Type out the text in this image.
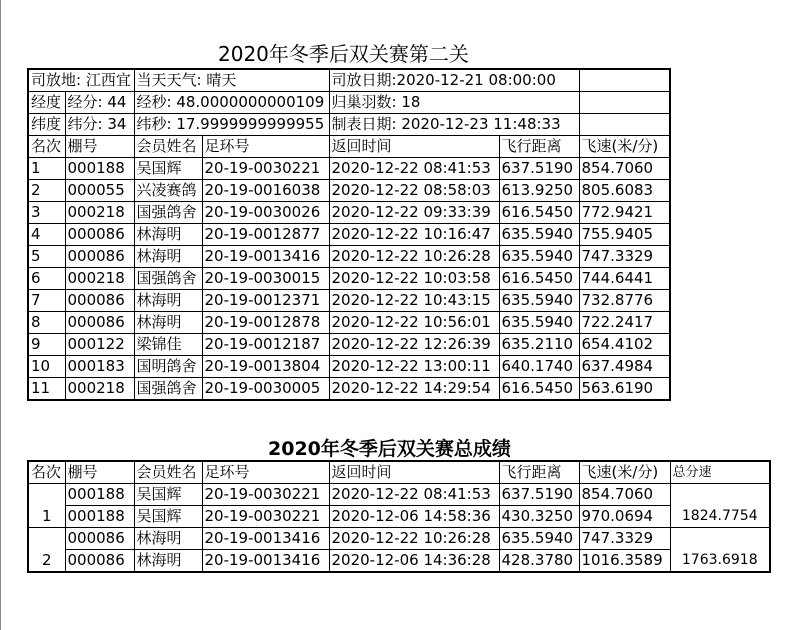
2020年冬季后双关赛第二关
司放地: 江西宜		当天天气: 晴天		司放日期:2020-12-21 08:00:00		
经度	经分: 44	经秒: 48.0000000000109		归巢羽数: 18		
纬度	纬分: 34	纬秒: 17.9999999999955		制表日期: 2020-12-23 11:48:33		
名次	棚号	会员姓名	足环号	返回时间	飞行距离	飞速(米/分)
1	000188	吴国辉	20-19-0030221	2020-12-22 08:41:53	637.5190	854.7060
2	000055	兴凌赛鸽	20-19-0016038	2020-12-22 08:58:03	613.9250	805.6083
3	000218	国强鸽舍	20-19-0030026	2020-12-22 09:33:39	616.5450	772.9421
4	000086	林海明	20-19-0012877	2020-12-22 10:16:47	635.5940	755.9405
5	000086	林海明	20-19-0013416	2020-12-22 10:26:28	635.5940	747.3329
6	000218	国强鸽舍	20-19-0030015	2020-12-22 10:03:58	616.5450	744.6441
7	000086	林海明	20-19-0012371	2020-12-22 10:43:15	635.5940	732.8776
8	000086	林海明	20-19-0012878	2020-12-22 10:56:01	635.5940	722.2417
9	000122	梁锦佳	20-19-0012187	2020-12-22 12:26:39	635.2110	654.4102
10	000183	国明鸽舍	20-19-0013804	2020-12-22 13:00:11	640.1740	637.4984
11	000218	国强鸽舍	20-19-0030005	2020-12-22 14:29:54	616.5450	563.6190
2020年冬季后双关赛总成绩
名次	棚号	会员姓名	足环号	返回时间	飞行距离	飞速(米/分)	总分速
1	000188	吴国辉	20-19-0030221	2020-12-22 08:41:53	637.5190	854.7060	1824.7754
	000188	吴国辉	20-19-0030221	2020-12-06 14:58:36	430.3250	970.0694	
2	000086	林海明	20-19-0013416	2020-12-22 10:26:28	635.5940	747.3329	1763.6918
	000086	林海明	20-19-0013416	2020-12-06 14:36:28	428.3780	1016.3589	
